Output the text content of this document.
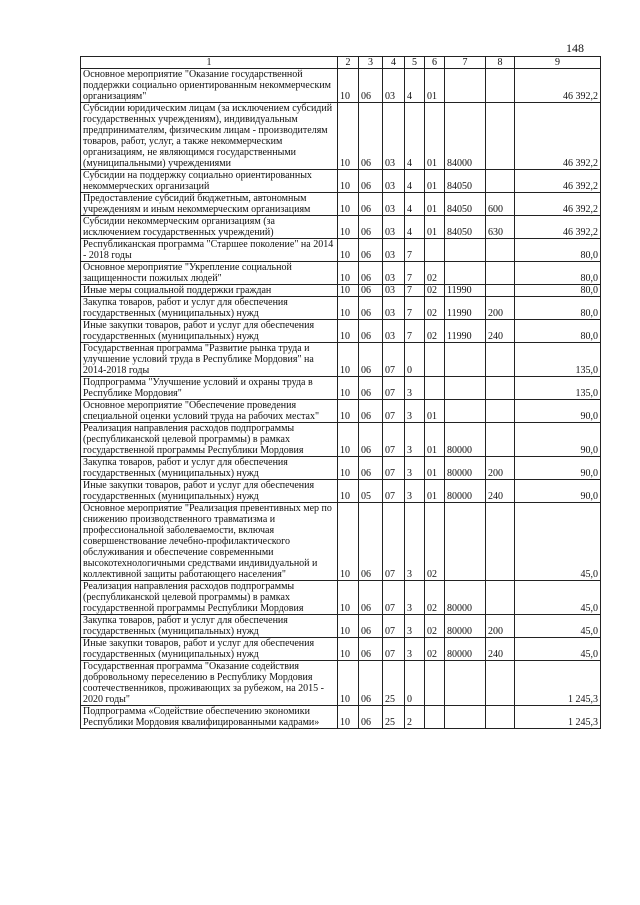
148
1	2	3	4	5	6	7	8	9
Основное мероприятие "Оказание государственной поддержки социально ориентированным некоммерческим организациям"	10	06	03	4	01			46 392,2
Субсидии юридическим лицам (за исключением субсидий государственных учреждениям), индивидуальным предпринимателям, физическим лицам - производителям товаров, работ, услуг, а также некоммерческим организациям, не являющимся государственными (муниципальными) учреждениями	10	06	03	4	01	84000		46 392,2
Субсидии на поддержку социально ориентированных некоммерческих организаций	10	06	03	4	01	84050		46 392,2
Предоставление субсидий бюджетным, автономным учреждениям и иным некоммерческим организациям	10	06	03	4	01	84050	600	46 392,2
Субсидии некоммерческим организациям (за исключением государственных учреждений)	10	06	03	4	01	84050	630	46 392,2
Республиканская программа "Старшее поколение" на 2014 - 2018 годы	10	06	03	7				80,0
Основное мероприятие "Укрепление социальной защищенности пожилых людей"	10	06	03	7	02			80,0
Иные меры социальной поддержки граждан	10	06	03	7	02	11990		80,0
Закупка товаров, работ и услуг для обеспечения государственных (муниципальных) нужд	10	06	03	7	02	11990	200	80,0
Иные закупки товаров, работ и услуг для обеспечения государственных (муниципальных) нужд	10	06	03	7	02	11990	240	80,0
Государственная программа "Развитие рынка труда и улучшение условий труда в Республике Мордовия" на 2014-2018 годы	10	06	07	0				135,0
Подпрограмма "Улучшение условий и охраны труда в Республике Мордовия"	10	06	07	3				135,0
Основное мероприятие "Обеспечение проведения специальной оценки условий труда на рабочих местах"	10	06	07	3	01			90,0
Реализация направления расходов подпрограммы (республиканской целевой программы) в рамках государственной программы Республики Мордовия	10	06	07	3	01	80000		90,0
Закупка товаров, работ и услуг для обеспечения государственных (муниципальных) нужд	10	06	07	3	01	80000	200	90,0
Иные закупки товаров, работ и услуг для обеспечения государственных (муниципальных) нужд	10	05	07	3	01	80000	240	90,0
Основное мероприятие "Реализация превентивных мер по снижению производственного травматизма и профессиональной заболеваемости, включая совершенствование лечебно-профилактического обслуживания и обеспечение современными высокотехнологичными средствами индивидуальной и коллективной защиты работающего населения"	10	06	07	3	02			45,0
Реализация направления расходов подпрограммы (республиканской целевой программы) в рамках государственной программы Республики Мордовия	10	06	07	3	02	80000		45,0
Закупка товаров, работ и услуг для обеспечения государственных (муниципальных) нужд	10	06	07	3	02	80000	200	45,0
Иные закупки товаров, работ и услуг для обеспечения государственных (муниципальных) нужд	10	06	07	3	02	80000	240	45,0
Государственная программа "Оказание содействия добровольному переселению в Республику Мордовия соотечественников, проживающих за рубежом, на 2015 - 2020 годы"	10	06	25	0				1 245,3
Подпрограмма «Содействие обеспечению экономики Республики Мордовия квалифицированными кадрами»	10	06	25	2				1 245,3
